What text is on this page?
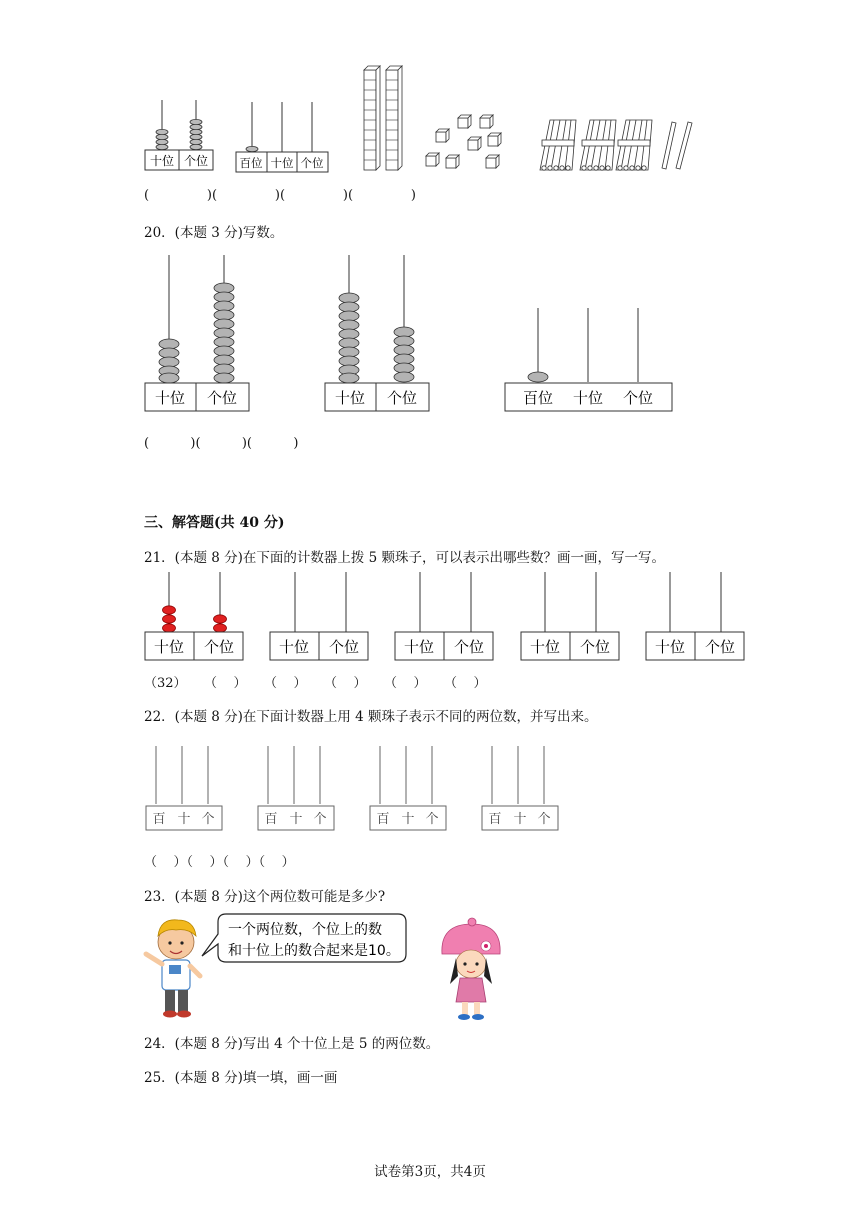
十位 个位	百位 十位 个位
(              )(              )(              )(              )
20．(本题 3 分)写数。
十位 个位	十位 个位	百位 十位 个位
(          )(          )(          )
三、解答题(共 40 分)
21．(本题 8 分)在下面的计数器上拨 5 颗珠子，可以表示出哪些数？画一画，写一写。
十位 个位	十位 个位	十位 个位	十位 个位	十位 个位
（32） （    ） （    ） （    ） （    ） （    ）
22．(本题 8 分)在下面计数器上用 4 颗珠子表示不同的两位数，并写出来。
百 十 个	百 十 个	百 十 个	百 十 个
（    ）（    ）（    ）（    ）
23．(本题 8 分)这个两位数可能是多少?
一个两位数，个位上的数
和十位上的数合起来是10。
24．(本题 8 分)写出 4 个十位上是 5 的两位数。
25．(本题 8 分)填一填，画一画
试卷第3页，共4页
